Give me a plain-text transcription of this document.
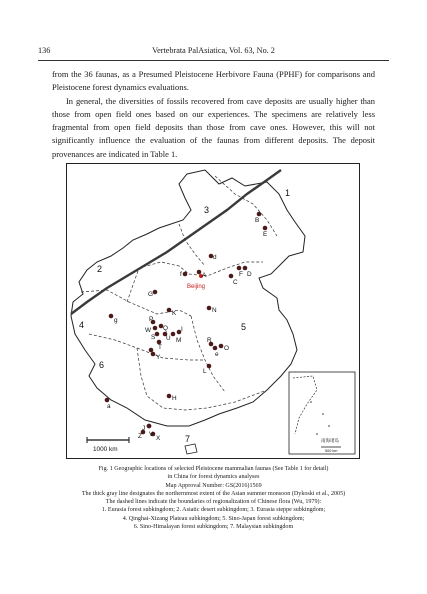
136	Vertebrata PalAsiatica, Vol. 63, No. 2

from the 36 faunas, as a Presumed Pleistocene Herbivore Fauna (PPHF) for comparisons and Pleistocene forest dynamics evaluations.

In general, the diversities of fossils recovered from cave deposits are usually higher than those from open field ones based on our experiences. The specimens are relatively less fragmental from open field deposits than those from cave ones. However, this will not significantly influence the evaluation of the faunas from different deposits. The deposit provenances are indicated in Table 1.

3
1
2
4	5
6
7
Beijing
A
B
C
D
E
F
G
H
I
J
K
L
M
N
O
P
Q
R
S
T
U
V
W
X
Y
Z
a
d
e
f
g
1000 km
南海诸岛
500 km
Fig. 1 Geographic locations of selected Pleistocene mammalian faunas (See Table 1 for detail)
in China for forest dynamics analyses
Map Approval Number: GS(2016)1569
The thick gray line designates the northernmost extent of the Asian summer monsoon (Dykoski et al., 2005)
The dashed lines indicate the boundaries of regionalization of Chinese flora (Wu, 1979):
1. Eurasia forest subkingdom; 2. Asiatic desert subkingdom; 3. Eurasia steppe subkingdom;
4. Qinghai-Xizang Plateau subkingdom; 5. Sino-Japan forest subkingdom;
6. Sino-Himalayan forest subkingdom; 7. Malaysian subkingdom
